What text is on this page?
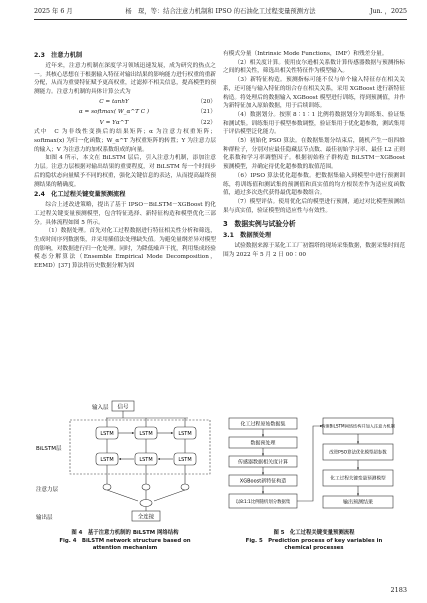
2025 年 6 月	杨　琛，等：结合注意力机制和 IPSO 的石油化工过程变量预测方法	Jun. ，2025
2.3　注意力机制

近年来，注意力机制在深度学习领域迅速发展，成为研究的热点之一。其核心思想在于根据输入特征对输出结果的影响能力进行权重的重新分配，从而为重要特征赋予更高权重，过滤掉不相关信息，提高模型的预测能力。注意力机制的具体计算公式为

C = tanhY	（20）
α = softmax( W_α^T C )	（21）
V = Yα^T	（22）

式中　C 为非线性变换后的结果矩阵；α 为注意力权重矩阵；softmax(x) 为归一化函数；W_α^T 为权重矩阵的转置；Y 为注意力层的输入；V 为注意力的加权系数组成的向量。

如图 4 所示，本文在 BiLSTM 层后，引入注意力机制，添加注意力层。注意力层根据对输出结果的重要程度，对 BiLSTM 每一个时间步后的隐状态向量赋予不同的权重，强化关键信息的表达，从而提高最终预测结果的精确度。

2.4　化工过程关键变量预测流程

综合上述改进策略，提出了基于 IPSO－BiLSTM－XGBoost 的化工过程关键变量预测模型，包含特征选择、新特征构造和模型优化三部分。具体流程如图 5 所示。

（1）数据处理。首先对化工过程数据进行特征相关性分析和筛选，生成时间序列数据集，并采用插值法处理缺失值。为避免量纲差异对模型的影响，对数据进行归一化处理。同时，为降低噪声干扰，利用集成经验模态分解算法（Ensemble Empirical Mode Decomposition，EEMD）[37] 算法将历史数据分解为固

输入层 信号
BiLSTM层
LSTM	LSTM	LSTM
LSTM	LSTM	LSTM
注意力层
输出层	全连接
图 4　基于注意力机制的 BiLSTM 网络结构
Fig. 4　BiLSTM network structure based on
attention mechanism

有模式分量（Intrinsic Mode Functions，IMF）和残差分量。

（2）相关度计算。使用皮尔逊相关系数计算传感器数据与预测指标之间的相关性，筛选出相关性特征作为模型输入。

（3）新特征构造。预测指标可能不仅与单个输入特征存在相关关系，还可能与输入特征的组合存在相关关系，采用 XGBoost 进行新特征构造。将处理后的数据输入 XGBoost 模型进行训练，得到预测值，并作为新特征加入原始数据，用于后续训练。

（4）数据划分。按照 8∶1∶1 比例将数据划分为训练集、验证集和测试集。训练集用于模型参数调整，验证集用于优化超参数，测试集用于评估模型泛化能力。

（5）初始化 PSO 算法。在数据集划分结束后，随机产生一组四维种群粒子，分别对应最佳隐藏层节点数、最佳初始学习率、最佳 L2 正则化系数和学习率调整因子。根据初始粒子群构造 BiLSTM－XGBoost 预测模型，并确定待优化超参数的取值范围。

（6）IPSO 算法优化超参数。把数据集输入到模型中进行预测训练，将训练值和测试集的预测值和真实值的均方根误差作为适应度函数值，通过多次迭代获得最优超参数组合。

（7）模型评估。使用优化后的模型进行预测，通过对比模型预测结果与真实值，验证模型的适应性与有效性。

3　数据实例与试验分析
3.1　数据预处理

试验数据来源于某化工工厂初馏塔的现场采集数据，数据采集时间范围为 2022 年 5 月 2 日 00∶00

化工过程原始数据集
数据预处理
传感器数据相关度计算
XGBoost新特征构造
以8∶1∶1比例随机划分数据集
构建BiLSTM网络结构并加入注意力机制
改进PSO算法优化模型超参数
化工过程关键变量预测模型
输出预测结果
图 5　化工过程关键变量预测流程
Fig. 5　Prediction process of key variables in
chemical processes
2183
